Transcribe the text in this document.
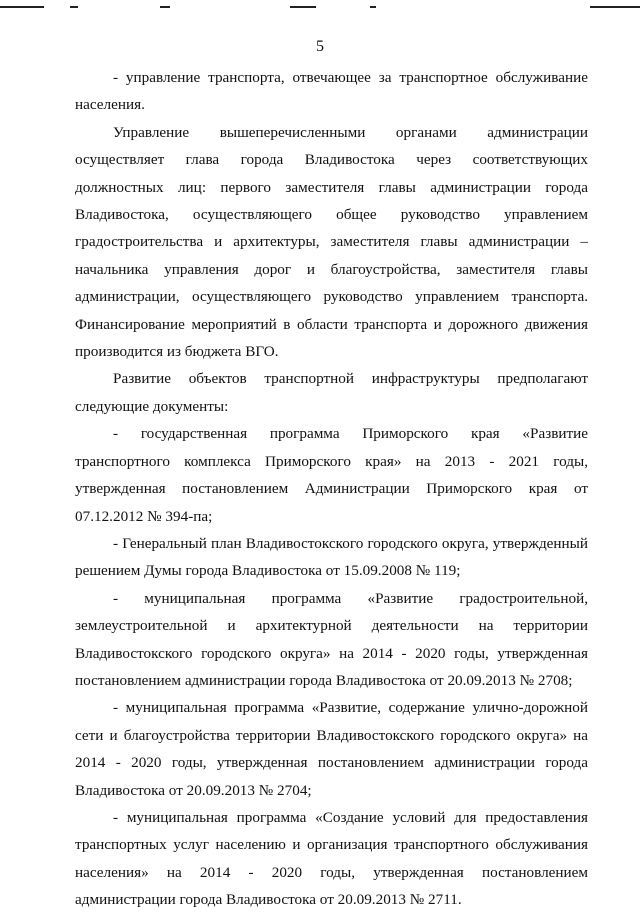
5

- управление транспорта, отвечающее за транспортное обслуживание населения.

Управление вышеперечисленными органами администрации осуществляет глава города Владивостока через соответствующих должностных лиц: первого заместителя главы администрации города Владивостока, осуществляющего общее руководство управлением градостроительства и архитектуры, заместителя главы администрации – начальника управления дорог и благоустройства, заместителя главы администрации, осуществляющего руководство управлением транспорта. Финансирование мероприятий в области транспорта и дорожного движения производится из бюджета ВГО.

Развитие объектов транспортной инфраструктуры предполагают следующие документы:

- государственная программа Приморского края «Развитие транспортного комплекса Приморского края» на 2013 - 2021 годы, утвержденная постановлением Администрации Приморского края от 07.12.2012 № 394-па;

- Генеральный план Владивостокского городского округа, утвержденный решением Думы города Владивостока от 15.09.2008 № 119;

- муниципальная программа «Развитие градостроительной, землеустроительной и архитектурной деятельности на территории Владивостокского городского округа» на 2014 - 2020 годы, утвержденная постановлением администрации города Владивостока от 20.09.2013 № 2708;

- муниципальная программа «Развитие, содержание улично-дорожной сети и благоустройства территории Владивостокского городского округа» на 2014 - 2020 годы, утвержденная постановлением администрации города Владивостока от 20.09.2013 № 2704;

- муниципальная программа «Создание условий для предоставления транспортных услуг населению и организация транспортного обслуживания населения» на 2014 - 2020 годы, утвержденная постановлением администрации города Владивостока от 20.09.2013 № 2711.
